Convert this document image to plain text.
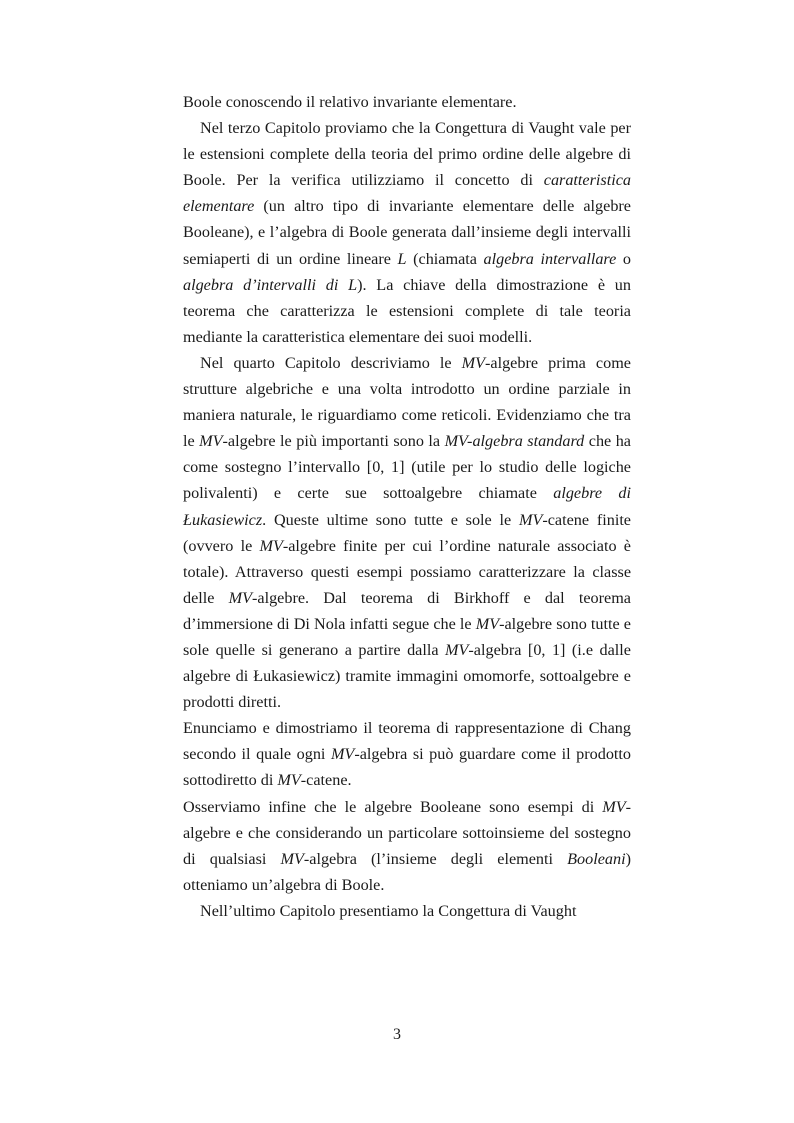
Boole conoscendo il relativo invariante elementare.

Nel terzo Capitolo proviamo che la Congettura di Vaught vale per le estensioni complete della teoria del primo ordine delle algebre di Boole. Per la verifica utilizziamo il concetto di caratteristica elementare (un altro tipo di invariante elementare delle algebre Booleane), e l’algebra di Boole generata dall’insieme degli intervalli semiaperti di un ordine lineare L (chiamata algebra intervallare o algebra d’intervalli di L). La chiave della dimostrazione è un teorema che caratterizza le estensioni complete di tale teoria mediante la caratteristica elementare dei suoi modelli.

Nel quarto Capitolo descriviamo le MV-algebre prima come strutture algebriche e una volta introdotto un ordine parziale in maniera naturale, le riguardiamo come reticoli. Evidenziamo che tra le MV-algebre le più importanti sono la MV-algebra standard che ha come sostegno l’intervallo [0, 1] (utile per lo studio delle logiche polivalenti) e certe sue sottoalgebre chiamate algebre di Łukasiewicz. Queste ultime sono tutte e sole le MV-catene finite (ovvero le MV-algebre finite per cui l’ordine naturale associato è totale). Attraverso questi esempi possiamo caratterizzare la classe delle MV-algebre. Dal teorema di Birkhoff e dal teorema d’immersione di Di Nola infatti segue che le MV-algebre sono tutte e sole quelle si generano a partire dalla MV-algebra [0, 1] (i.e dalle algebre di Łukasiewicz) tramite immagini omomorfe, sottoalgebre e prodotti diretti.

Enunciamo e dimostriamo il teorema di rappresentazione di Chang secondo il quale ogni MV-algebra si può guardare come il prodotto sottodiretto di MV-catene.

Osserviamo infine che le algebre Booleane sono esempi di MV-algebre e che considerando un particolare sottoinsieme del sostegno di qualsiasi MV-algebra (l’insieme degli elementi Booleani) otteniamo un’algebra di Boole.

Nell’ultimo Capitolo presentiamo la Congettura di Vaught

3
